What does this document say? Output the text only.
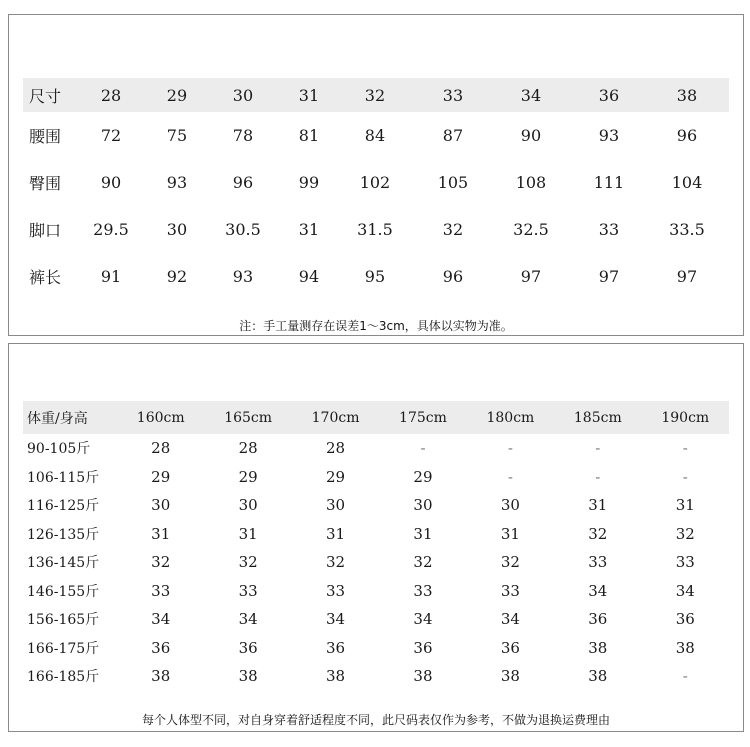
尺寸	28	29	30	31	32	33	34	36	38
腰围	72	75	78	81	84	87	90	93	96
臀围	90	93	96	99	102	105	108	111	104
脚口	29.5	30	30.5	31	31.5	32	32.5	33	33.5
裤长	91	92	93	94	95	96	97	97	97
注：手工量测存在误差1～3cm，具体以实物为准。
体重/身高	160cm	165cm	170cm	175cm	180cm	185cm	190cm
90-105斤	28	28	28	-	-	-	-
106-115斤	29	29	29	29	-	-	-
116-125斤	30	30	30	30	30	31	31
126-135斤	31	31	31	31	31	32	32
136-145斤	32	32	32	32	32	33	33
146-155斤	33	33	33	33	33	34	34
156-165斤	34	34	34	34	34	36	36
166-175斤	36	36	36	36	36	38	38
166-185斤	38	38	38	38	38	38	-
每个人体型不同，对自身穿着舒适程度不同，此尺码表仅作为参考，不做为退换运费理由
